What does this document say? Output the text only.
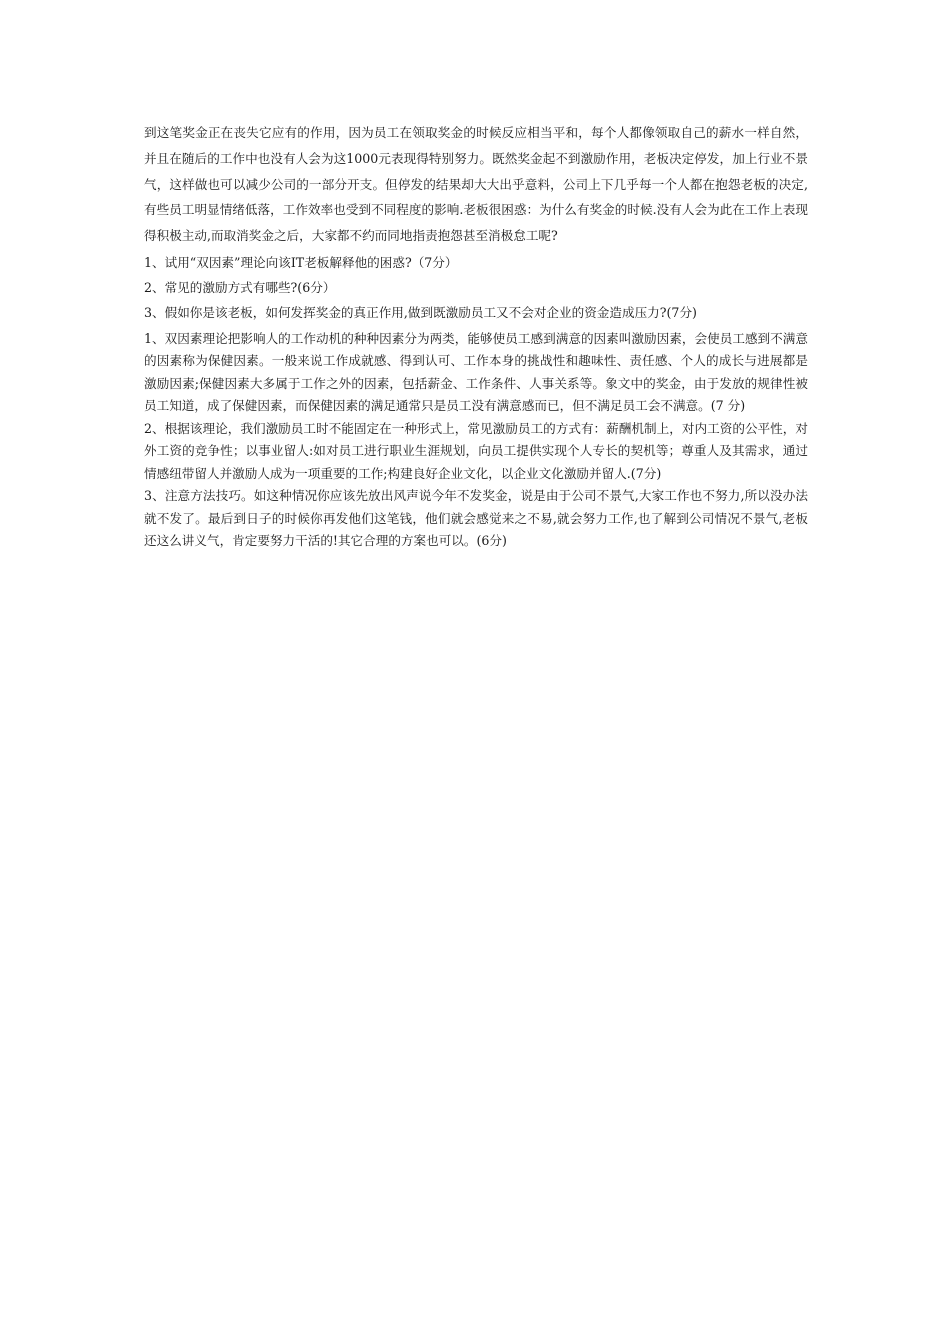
到这笔奖金正在丧失它应有的作用，因为员工在领取奖金的时候反应相当平和，每个人都像领取自己的薪水一样自然，并且在随后的工作中也没有人会为这1000元表现得特别努力。既然奖金起不到激励作用，老板决定停发，加上行业不景气，这样做也可以减少公司的一部分开支。但停发的结果却大大出乎意料，公司上下几乎每一个人都在抱怨老板的决定,有些员工明显情绪低落，工作效率也受到不同程度的影响.老板很困惑：为什么有奖金的时候.没有人会为此在工作上表现得积极主动,而取消奖金之后，大家都不约而同地指责抱怨甚至消极怠工呢?

1、试用“双因素”理论向该IT老板解释他的困惑?（7分）

2、常见的激励方式有哪些?(6分）

3、假如你是该老板，如何发挥奖金的真正作用,做到既激励员工又不会对企业的资金造成压力?(7分)

1、双因素理论把影响人的工作动机的种种因素分为两类，能够使员工感到满意的因素叫激励因素，会使员工感到不满意的因素称为保健因素。一般来说工作成就感、得到认可、工作本身的挑战性和趣味性、责任感、个人的成长与进展都是激励因素;保健因素大多属于工作之外的因素，包括薪金、工作条件、人事关系等。象文中的奖金，由于发放的规律性被员工知道，成了保健因素，而保健因素的满足通常只是员工没有满意感而已，但不满足员工会不满意。(7 分)

2、根据该理论，我们激励员工时不能固定在一种形式上，常见激励员工的方式有：薪酬机制上，对内工资的公平性，对外工资的竞争性；以事业留人:如对员工进行职业生涯规划，向员工提供实现个人专长的契机等；尊重人及其需求，通过情感纽带留人并激励人成为一项重要的工作;构建良好企业文化，以企业文化激励并留人.(7分)

3、注意方法技巧。如这种情况你应该先放出风声说今年不发奖金，说是由于公司不景气,大家工作也不努力,所以没办法就不发了。最后到日子的时候你再发他们这笔钱，他们就会感觉来之不易,就会努力工作,也了解到公司情况不景气,老板还这么讲义气，肯定要努力干活的!其它合理的方案也可以。(6分)
